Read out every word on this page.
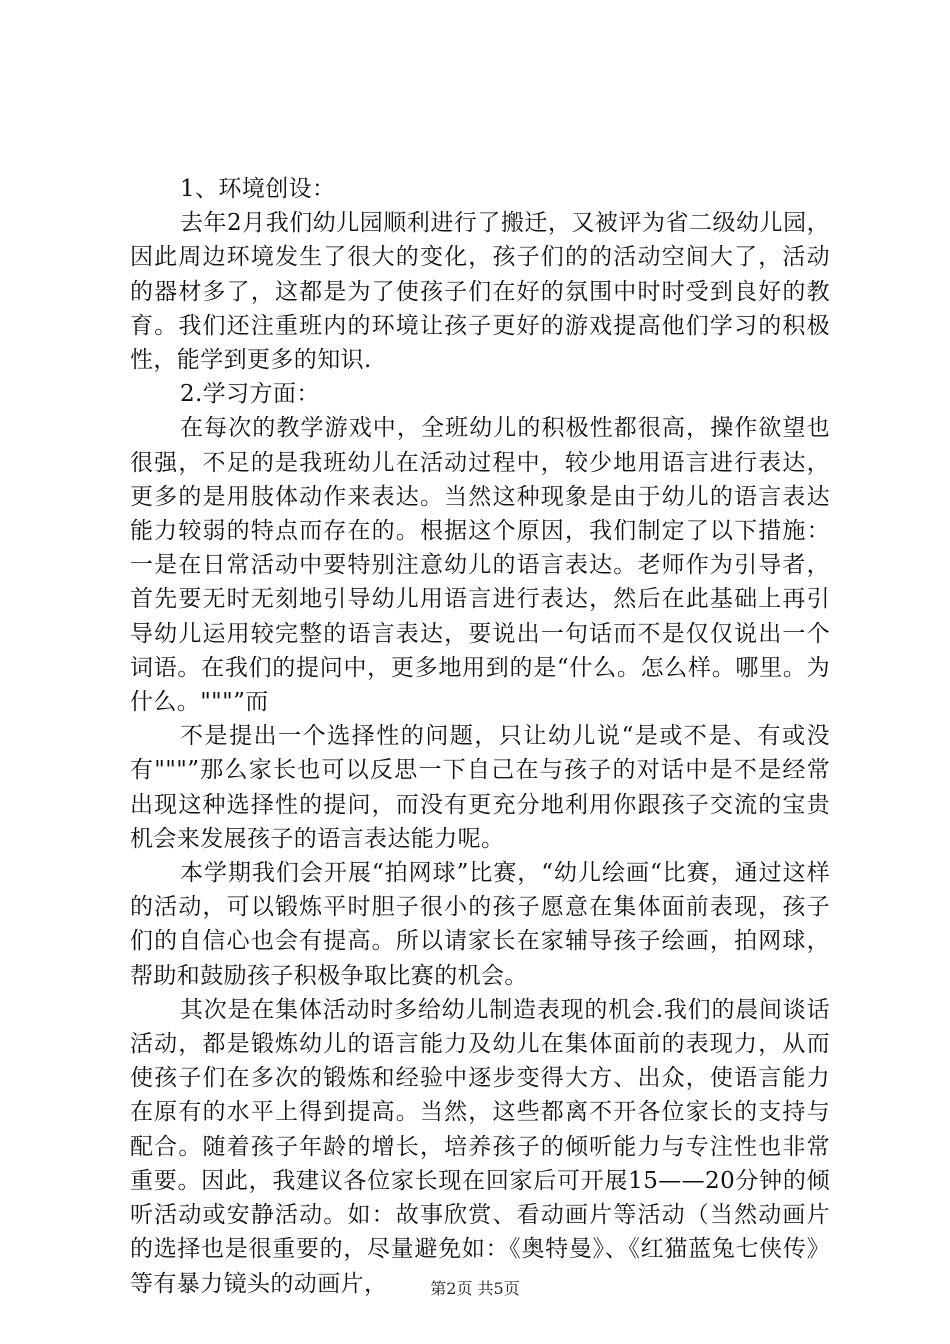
1、环境创设：

去年2月我们幼儿园顺利进行了搬迁，又被评为省二级幼儿园，因此周边环境发生了很大的变化，孩子们的的活动空间大了，活动的器材多了，这都是为了使孩子们在好的氛围中时时受到良好的教育。我们还注重班内的环境让孩子更好的游戏提高他们学习的积极性，能学到更多的知识.

2.学习方面：

在每次的教学游戏中，全班幼儿的积极性都很高，操作欲望也很强，不足的是我班幼儿在活动过程中，较少地用语言进行表达，更多的是用肢体动作来表达。当然这种现象是由于幼儿的语言表达能力较弱的特点而存在的。根据这个原因，我们制定了以下措施：一是在日常活动中要特别注意幼儿的语言表达。老师作为引导者，首先要无时无刻地引导幼儿用语言进行表达，然后在此基础上再引导幼儿运用较完整的语言表达，要说出一句话而不是仅仅说出一个词语。在我们的提问中，更多地用到的是“什么。怎么样。哪里。为什么。"""”而

不是提出一个选择性的问题，只让幼儿说“是或不是、有或没有"""”那么家长也可以反思一下自己在与孩子的对话中是不是经常出现这种选择性的提问，而没有更充分地利用你跟孩子交流的宝贵机会来发展孩子的语言表达能力呢。

本学期我们会开展“拍网球”比赛，“幼儿绘画“比赛，通过这样的活动，可以锻炼平时胆子很小的孩子愿意在集体面前表现，孩子们的自信心也会有提高。所以请家长在家辅导孩子绘画，拍网球，帮助和鼓励孩子积极争取比赛的机会。

其次是在集体活动时多给幼儿制造表现的机会.我们的晨间谈话活动，都是锻炼幼儿的语言能力及幼儿在集体面前的表现力，从而使孩子们在多次的锻炼和经验中逐步变得大方、出众，使语言能力在原有的水平上得到提高。当然，这些都离不开各位家长的支持与配合。随着孩子年龄的增长，培养孩子的倾听能力与专注性也非常重要。因此，我建议各位家长现在回家后可开展15——20分钟的倾听活动或安静活动。如：故事欣赏、看动画片等活动（当然动画片的选择也是很重要的，尽量避免如：《奥特曼》、《红猫蓝兔七侠传》等有暴力镜头的动画片，	第2页 共5页
